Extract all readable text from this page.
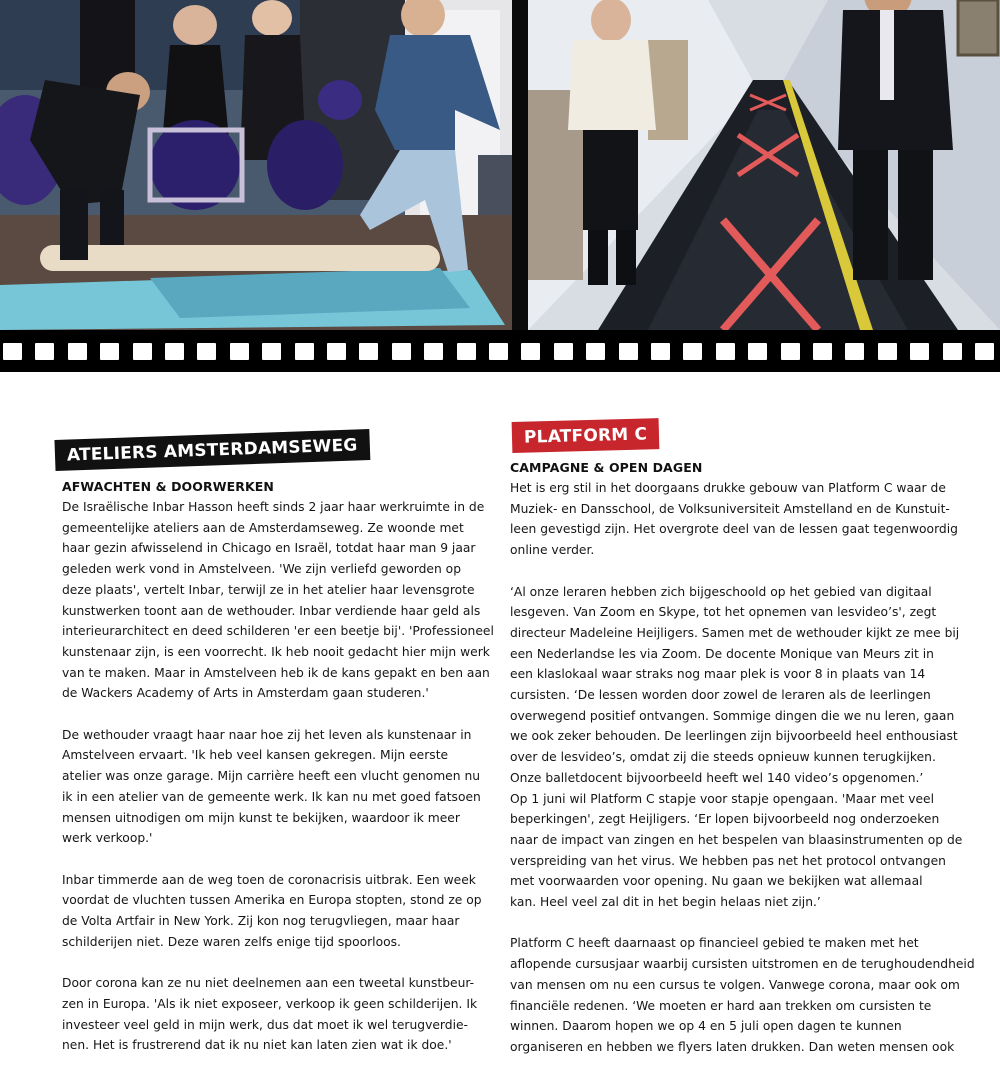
ATELIERS AMSTERDAMSEWEG
AFWACHTEN & DOORWERKEN

De Israëlische Inbar Hasson heeft sinds 2 jaar haar werkruimte in de
gemeentelijke ateliers aan de Amsterdamseweg. Ze woonde met
haar gezin afwisselend in Chicago en Israël, totdat haar man 9 jaar
geleden werk vond in Amstelveen. 'We zijn verliefd geworden op
deze plaats', vertelt Inbar, terwijl ze in het atelier haar levensgrote
kunstwerken toont aan de wethouder. Inbar verdiende haar geld als
interieurarchitect en deed schilderen 'er een beetje bij'. 'Professioneel
kunstenaar zijn, is een voorrecht. Ik heb nooit gedacht hier mijn werk
van te maken. Maar in Amstelveen heb ik de kans gepakt en ben aan
de Wackers Academy of Arts in Amsterdam gaan studeren.'

De wethouder vraagt haar naar hoe zij het leven als kunstenaar in
Amstelveen ervaart. 'Ik heb veel kansen gekregen. Mijn eerste
atelier was onze garage. Mijn carrière heeft een vlucht genomen nu
ik in een atelier van de gemeente werk. Ik kan nu met goed fatsoen
mensen uitnodigen om mijn kunst te bekijken, waardoor ik meer
werk verkoop.'

Inbar timmerde aan de weg toen de coronacrisis uitbrak. Een week
voordat de vluchten tussen Amerika en Europa stopten, stond ze op
de Volta Artfair in New York. Zij kon nog terugvliegen, maar haar
schilderijen niet. Deze waren zelfs enige tijd spoorloos.

Door corona kan ze nu niet deelnemen aan een tweetal kunstbeur-
zen in Europa. 'Als ik niet exposeer, verkoop ik geen schilderijen. Ik
investeer veel geld in mijn werk, dus dat moet ik wel terugverdie-
nen. Het is frustrerend dat ik nu niet kan laten zien wat ik doe.'

PLATFORM C
CAMPAGNE & OPEN DAGEN

Het is erg stil in het doorgaans drukke gebouw van Platform C waar de
Muziek- en Dansschool, de Volksuniversiteit Amstelland en de Kunstuit-
leen gevestigd zijn. Het overgrote deel van de lessen gaat tegenwoordig
online verder.

‘Al onze leraren hebben zich bijgeschoold op het gebied van digitaal
lesgeven. Van Zoom en Skype, tot het opnemen van lesvideo’s', zegt
directeur Madeleine Heijligers. Samen met de wethouder kijkt ze mee bij
een Nederlandse les via Zoom. De docente Monique van Meurs zit in
een klaslokaal waar straks nog maar plek is voor 8 in plaats van 14
cursisten. ‘De lessen worden door zowel de leraren als de leerlingen
overwegend positief ontvangen. Sommige dingen die we nu leren, gaan
we ook zeker behouden. De leerlingen zijn bijvoorbeeld heel enthousiast
over de lesvideo’s, omdat zij die steeds opnieuw kunnen terugkijken.
Onze balletdocent bijvoorbeeld heeft wel 140 video’s opgenomen.’
Op 1 juni wil Platform C stapje voor stapje opengaan. 'Maar met veel
beperkingen', zegt Heijligers. ‘Er lopen bijvoorbeeld nog onderzoeken
naar de impact van zingen en het bespelen van blaasinstrumenten op de
verspreiding van het virus. We hebben pas net het protocol ontvangen
met voorwaarden voor opening. Nu gaan we bekijken wat allemaal
kan. Heel veel zal dit in het begin helaas niet zijn.’

Platform C heeft daarnaast op financieel gebied te maken met het
aflopende cursusjaar waarbij cursisten uitstromen en de terughoudendheid
van mensen om nu een cursus te volgen. Vanwege corona, maar ook om
financiële redenen. ‘We moeten er hard aan trekken om cursisten te
winnen. Daarom hopen we op 4 en 5 juli open dagen te kunnen
organiseren en hebben we flyers laten drukken. Dan weten mensen ook
